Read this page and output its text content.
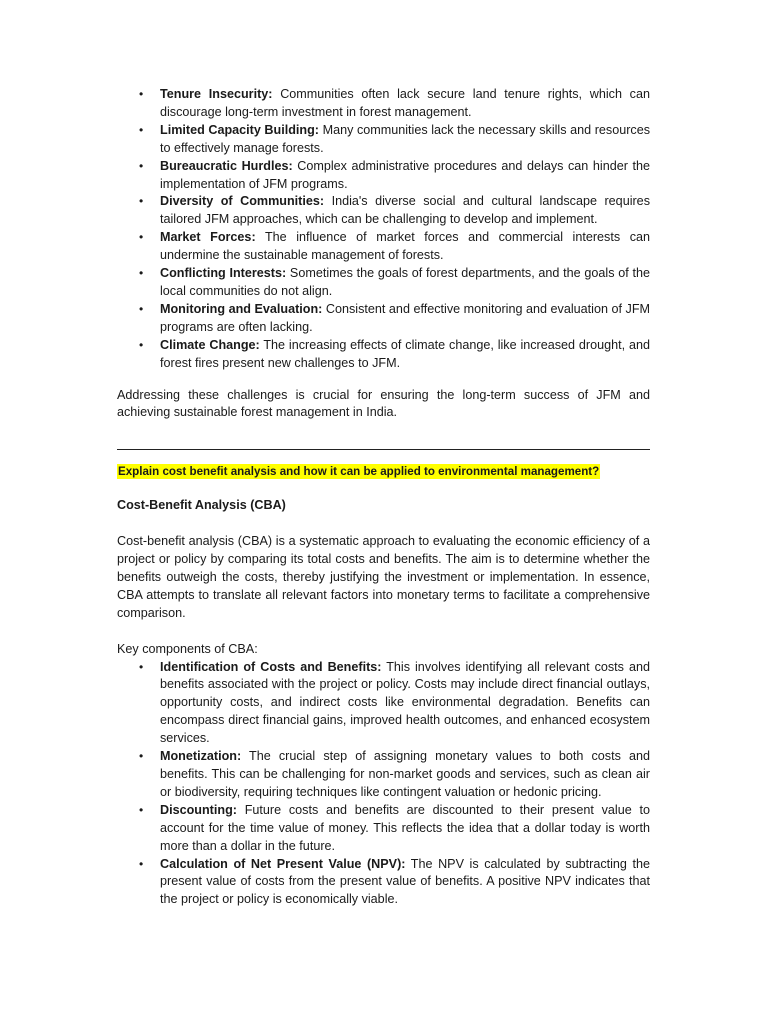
• Tenure Insecurity: Communities often lack secure land tenure rights, which can discourage long-term investment in forest management.
• Limited Capacity Building: Many communities lack the necessary skills and resources to effectively manage forests.
• Bureaucratic Hurdles: Complex administrative procedures and delays can hinder the implementation of JFM programs.
• Diversity of Communities: India's diverse social and cultural landscape requires tailored JFM approaches, which can be challenging to develop and implement.
• Market Forces: The influence of market forces and commercial interests can undermine the sustainable management of forests.
• Conflicting Interests: Sometimes the goals of forest departments, and the goals of the local communities do not align.
• Monitoring and Evaluation: Consistent and effective monitoring and evaluation of JFM programs are often lacking.
• Climate Change: The increasing effects of climate change, like increased drought, and forest fires present new challenges to JFM.

Addressing these challenges is crucial for ensuring the long-term success of JFM and achieving sustainable forest management in India.

Explain cost benefit analysis and how it can be applied to environmental management?
Cost-Benefit Analysis (CBA)

Cost-benefit analysis (CBA) is a systematic approach to evaluating the economic efficiency of a project or policy by comparing its total costs and benefits. The aim is to determine whether the benefits outweigh the costs, thereby justifying the investment or implementation. In essence, CBA attempts to translate all relevant factors into monetary terms to facilitate a comprehensive comparison.

Key components of CBA:

• Identification of Costs and Benefits: This involves identifying all relevant costs and benefits associated with the project or policy. Costs may include direct financial outlays, opportunity costs, and indirect costs like environmental degradation. Benefits can encompass direct financial gains, improved health outcomes, and enhanced ecosystem services.
• Monetization: The crucial step of assigning monetary values to both costs and benefits. This can be challenging for non-market goods and services, such as clean air or biodiversity, requiring techniques like contingent valuation or hedonic pricing.
• Discounting: Future costs and benefits are discounted to their present value to account for the time value of money. This reflects the idea that a dollar today is worth more than a dollar in the future.
• Calculation of Net Present Value (NPV): The NPV is calculated by subtracting the present value of costs from the present value of benefits. A positive NPV indicates that the project or policy is economically viable.
